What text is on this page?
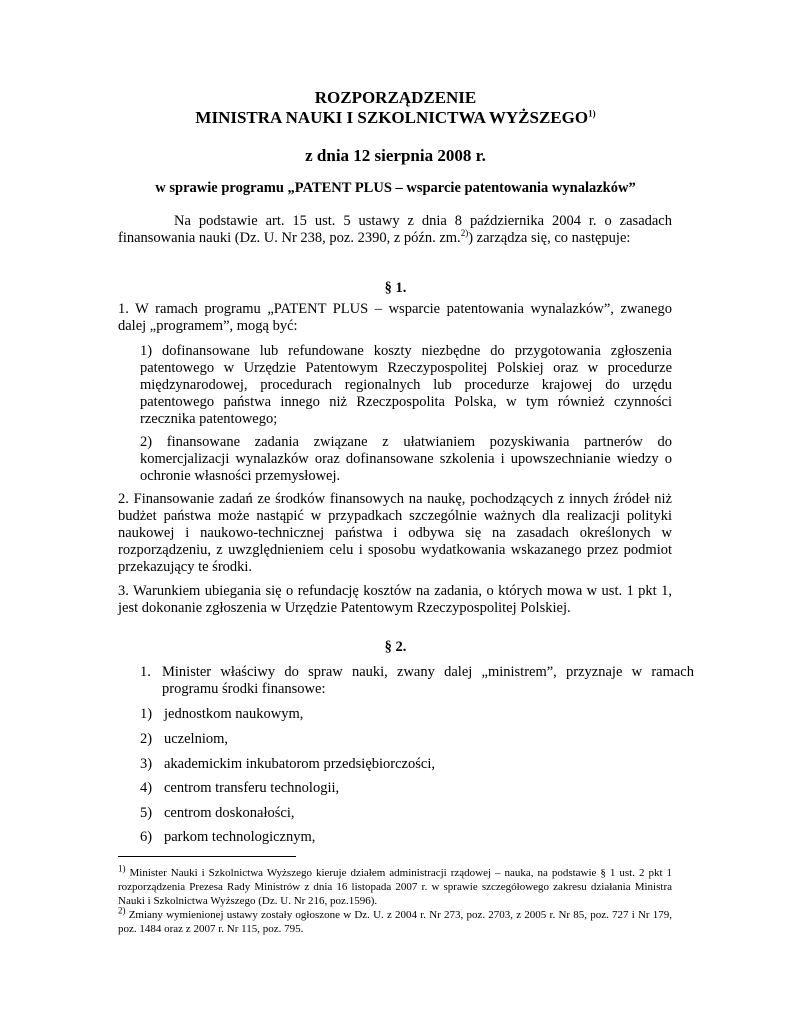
ROZPORZĄDZENIE
MINISTRA NAUKI I SZKOLNICTWA WYŻSZEGO$^{1)}$
z dnia 12 sierpnia 2008 r.
w sprawie programu „PATENT PLUS – wsparcie patentowania wynalazków”
Na podstawie art. 15 ust. 5 ustawy z dnia 8 października 2004 r. o zasadach finansowania nauki (Dz. U. Nr 238, poz. 2390, z późn. zm.$^{2)}$) zarządza się, co następuje:
§ 1.
1. W ramach programu „PATENT PLUS – wsparcie patentowania wynalazków”, zwanego dalej „programem”, mogą być:
1) dofinansowane lub refundowane koszty niezbędne do przygotowania zgłoszenia patentowego w Urzędzie Patentowym Rzeczypospolitej Polskiej oraz w procedurze międzynarodowej, procedurach regionalnych lub procedurze krajowej do urzędu patentowego państwa innego niż Rzeczpospolita Polska, w tym również czynności rzecznika patentowego;
2) finansowane zadania związane z ułatwianiem pozyskiwania partnerów do komercjalizacji wynalazków oraz dofinansowane szkolenia i upowszechnianie wiedzy o ochronie własności przemysłowej.
2. Finansowanie zadań ze środków finansowych na naukę, pochodzących z innych źródeł niż budżet państwa może nastąpić w przypadkach szczególnie ważnych dla realizacji polityki naukowej i naukowo-technicznej państwa i odbywa się na zasadach określonych w rozporządzeniu, z uwzględnieniem celu i sposobu wydatkowania wskazanego przez podmiot przekazujący te środki.
3. Warunkiem ubiegania się o refundację kosztów na zadania, o których mowa w ust. 1 pkt 1, jest dokonanie zgłoszenia w Urzędzie Patentowym Rzeczypospolitej Polskiej.
§ 2.
1. Minister właściwy do spraw nauki, zwany dalej „ministrem”, przyznaje w ramach programu środki finansowe:
1) jednostkom naukowym,
2) uczelniom,
3) akademickim inkubatorom przedsiębiorczości,
4) centrom transferu technologii,
5) centrom doskonałości,
6) parkom technologicznym,
$^{1)}$ Minister Nauki i Szkolnictwa Wyższego kieruje działem administracji rządowej – nauka, na podstawie § 1 ust. 2 pkt 1 rozporządzenia Prezesa Rady Ministrów z dnia 16 listopada 2007 r. w sprawie szczegółowego zakresu działania Ministra Nauki i Szkolnictwa Wyższego (Dz. U. Nr 216, poz.1596).
$^{2)}$ Zmiany wymienionej ustawy zostały ogłoszone w Dz. U. z 2004 r. Nr 273, poz. 2703, z 2005 r. Nr 85, poz. 727 i Nr 179, poz. 1484 oraz z 2007 r. Nr 115, poz. 795.
